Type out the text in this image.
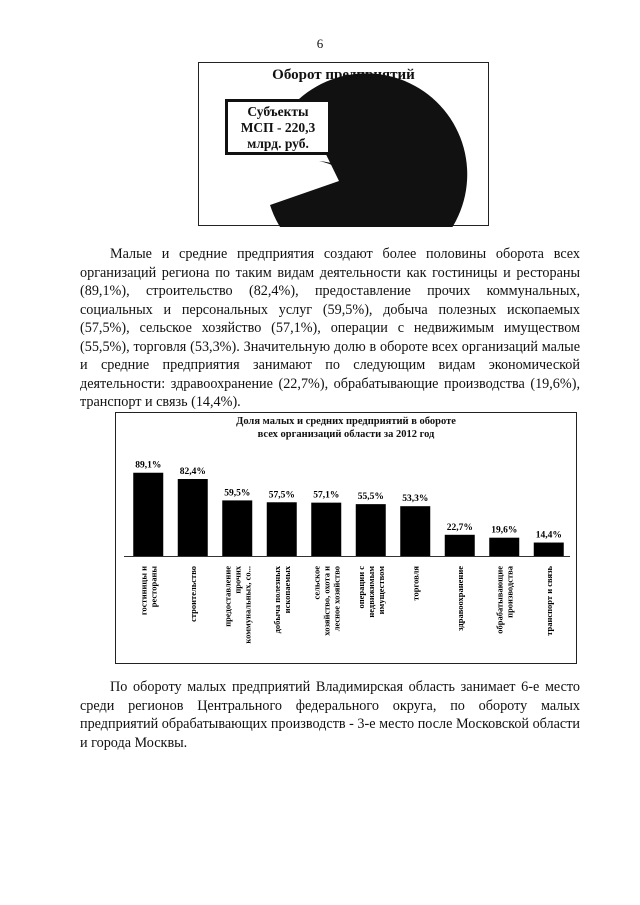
6
Оборот предприятий
Субъекты
МСП - 220,3
млрд. руб.

Малые и средние предприятия создают более половины оборота всех организаций региона по таким видам деятельности как гостиницы и рестораны (89,1%), строительство (82,4%), предоставление прочих коммунальных, социальных и персональных услуг (59,5%), добыча полезных ископаемых (57,5%), сельское хозяйство (57,1%), операции с недвижимым имуществом (55,5%), торговля (53,3%). Значительную долю в обороте всех организаций малые и средние предприятия занимают по следующим видам экономической деятельности: здравоохранение (22,7%), обрабатывающие производства (19,6%), транспорт и связь (14,4%).

Доля малых и средних предприятий в обороте
всех организаций области за 2012 год
89,1%
гостиницы и рестораны
82,4%
строительство
59,5%
предоставление прочих коммунальных, со...
57,5%
добыча полезных ископаемых
57,1%
сельское хозяйство, охота и лесное хозяйство
55,5%
операции с недвижимым имуществом
53,3%
торговля
22,7%
здравоохранение
19,6%
обрабатывающие производства
14,4%
транспорт и связь

По обороту малых предприятий Владимирская область занимает 6-е место среди регионов Центрального федерального округа, по обороту малых предприятий обрабатывающих производств - 3-е место после Московской области и города Москвы.
